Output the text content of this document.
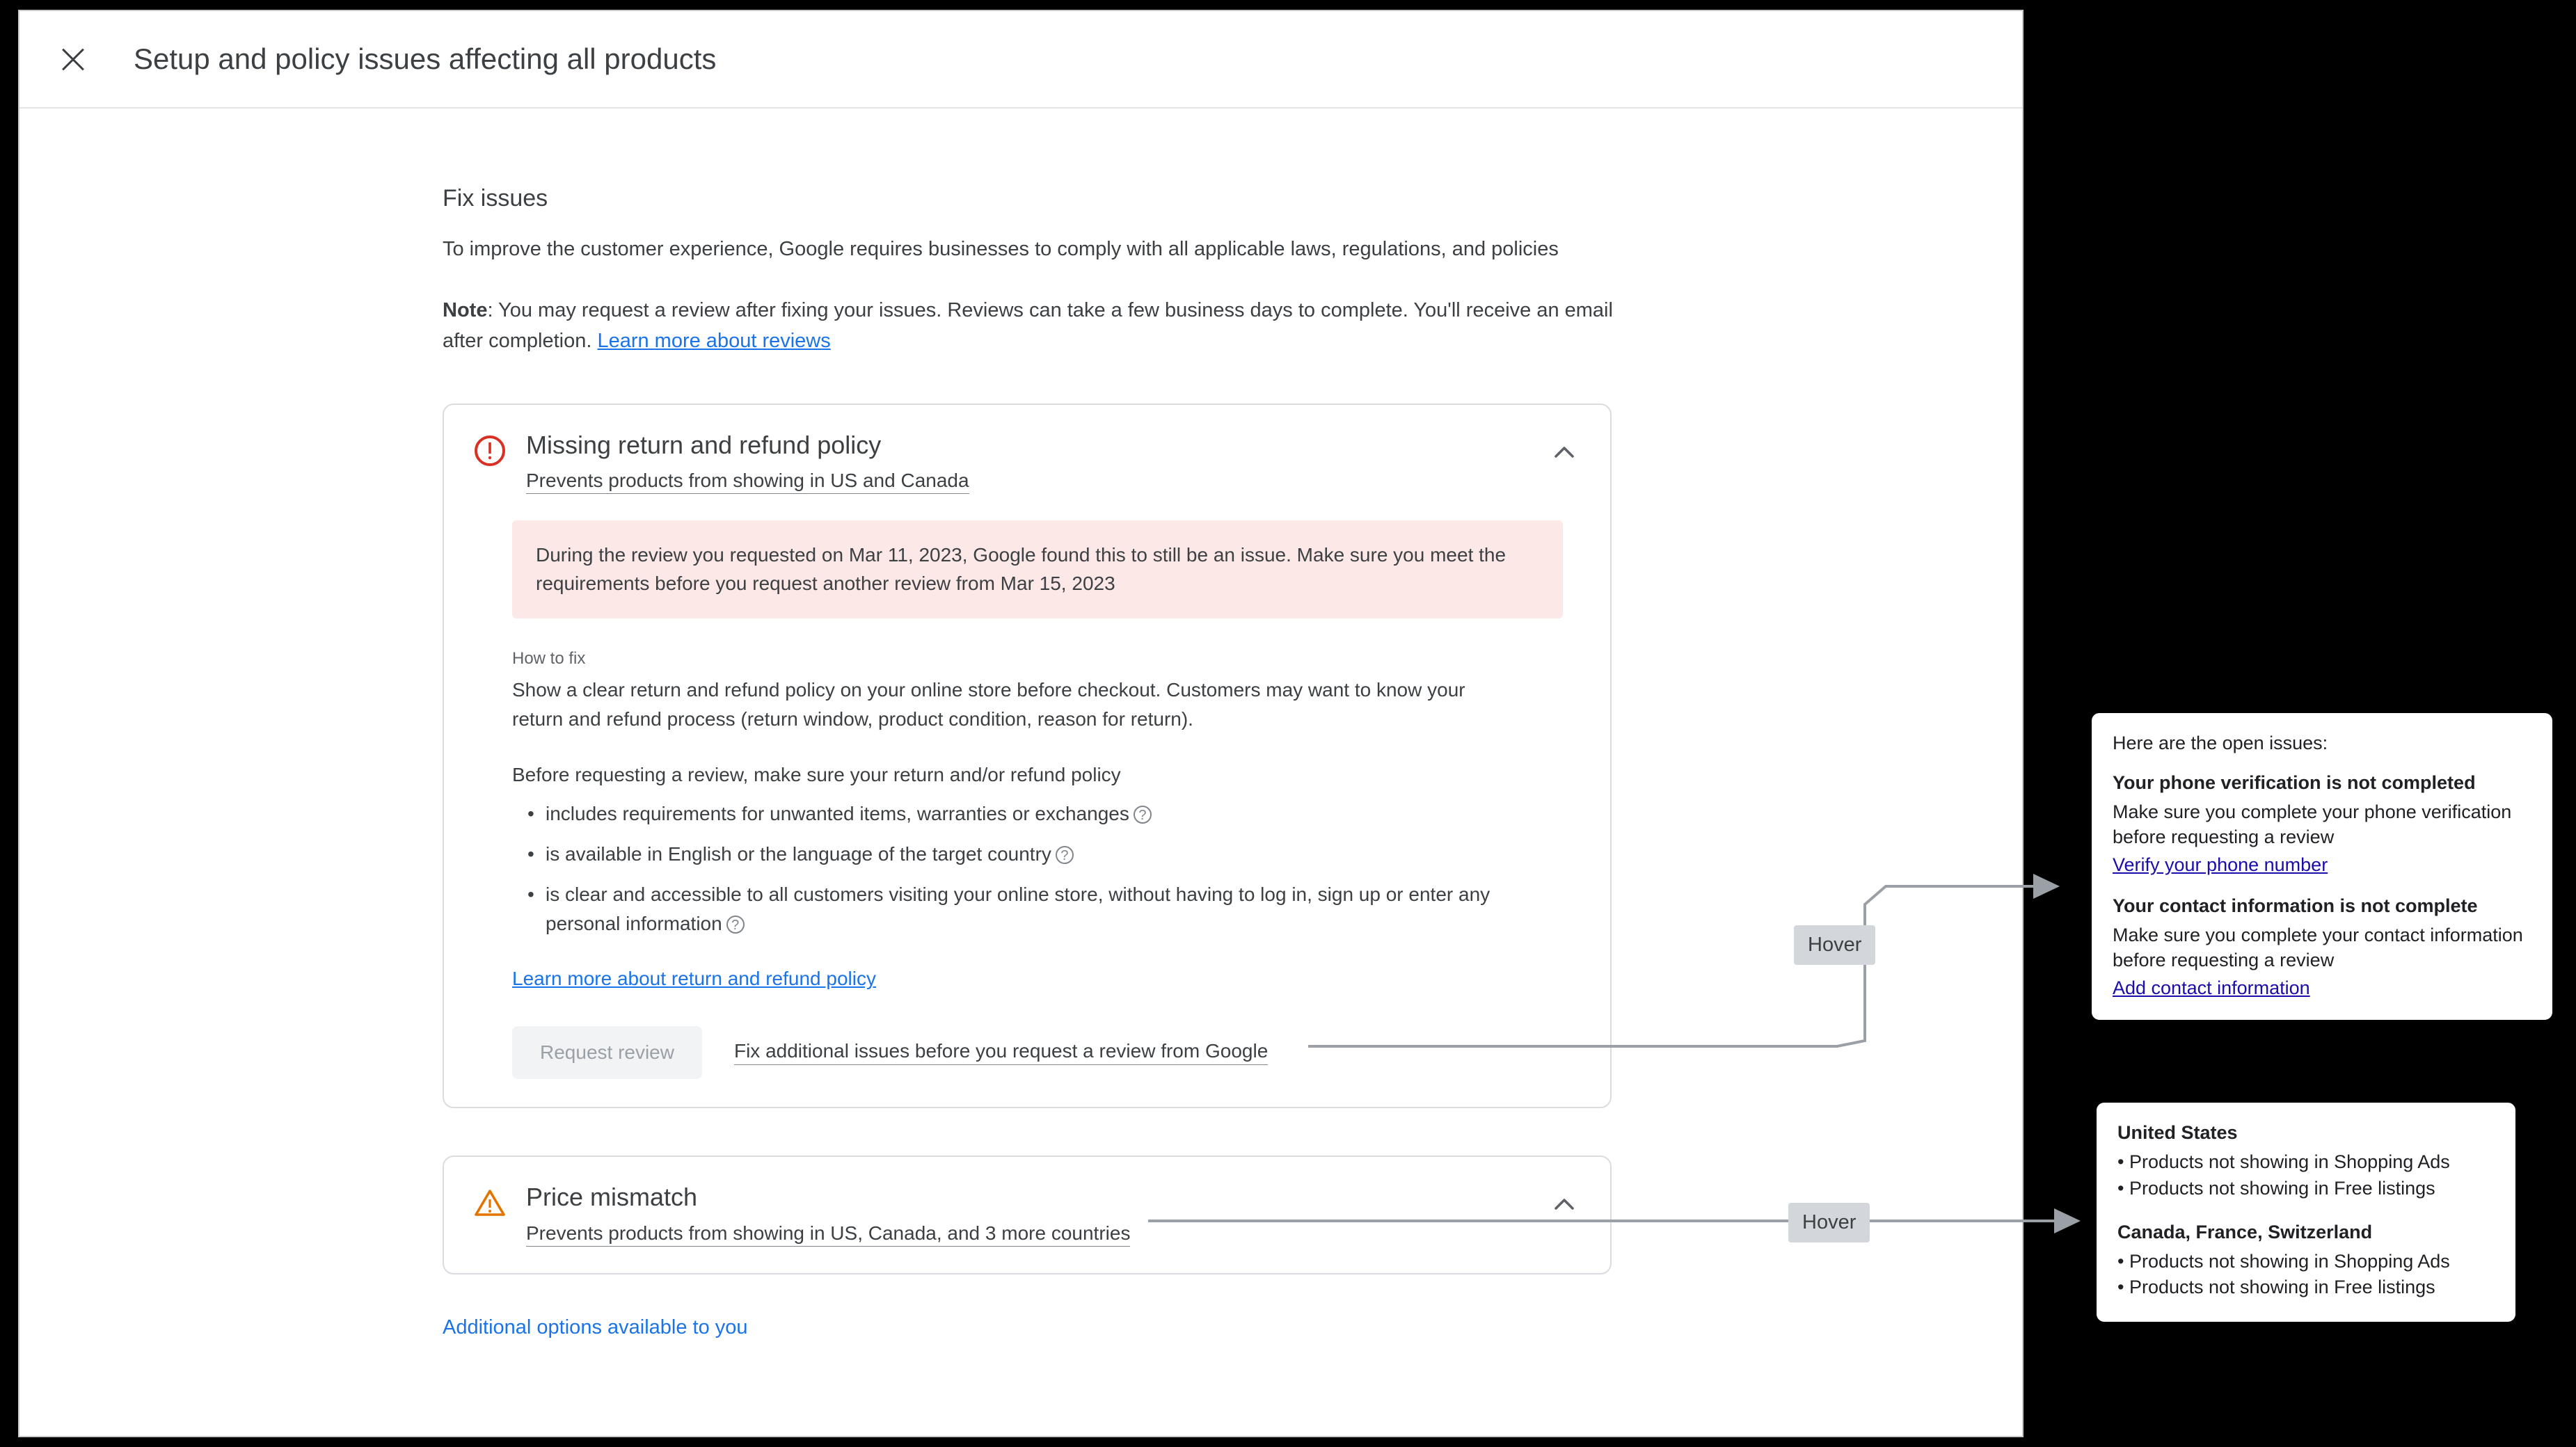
Setup and policy issues affecting all products
Fix issues
To improve the customer experience, Google requires businesses to comply with all applicable laws, regulations, and policies
Note: You may request a review after fixing your issues. Reviews can take a few business days to complete. You'll receive an email after completion. Learn more about reviews
Missing return and refund policy
Prevents products from showing in US and Canada
During the review you requested on Mar 11, 2023, Google found this to still be an issue. Make sure you meet the requirements before you request another review from Mar 15, 2023
How to fix
Show a clear return and refund policy on your online store before checkout. Customers may want to know your return and refund process (return window, product condition, reason for return).
Before requesting a review, make sure your return and/or refund policy
• includes requirements for unwanted items, warranties or exchanges ?
• is available in English or the language of the target country ?
• is clear and accessible to all customers visiting your online store, without having to log in, sign up or enter any personal information ?
Learn more about return and refund policy
Request review	Fix additional issues before you request a review from Google
Price mismatch
Prevents products from showing in US, Canada, and 3 more countries
Additional options available to you
Hover
Hover
Here are the open issues:
Your phone verification is not completed
Make sure you complete your phone verification before requesting a review
Verify your phone number
Your contact information is not complete
Make sure you complete your contact information before requesting a review
Add contact information
United States
• Products not showing in Shopping Ads
• Products not showing in Free listings
Canada, France, Switzerland
• Products not showing in Shopping Ads
• Products not showing in Free listings
